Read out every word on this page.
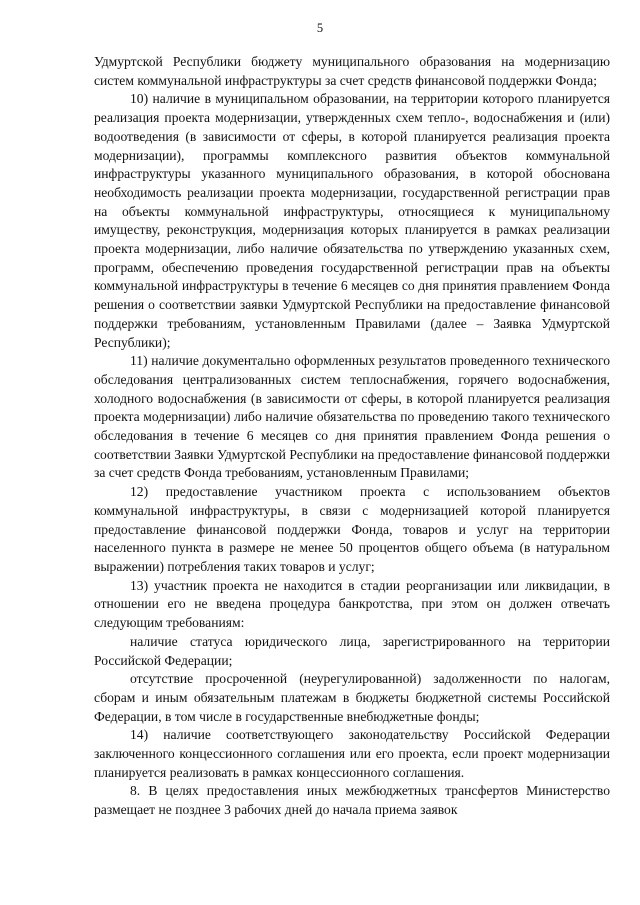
5

Удмуртской Республики бюджету муниципального образования на модернизацию систем коммунальной инфраструктуры за счет средств финансовой поддержки Фонда;

10) наличие в муниципальном образовании, на территории которого планируется реализация проекта модернизации, утвержденных схем тепло-, водоснабжения и (или) водоотведения (в зависимости от сферы, в которой планируется реализация проекта модернизации), программы комплексного развития объектов коммунальной инфраструктуры указанного муниципального образования, в которой обоснована необходимость реализации проекта модернизации, государственной регистрации прав на объекты коммунальной инфраструктуры, относящиеся к муниципальному имуществу, реконструкция, модернизация которых планируется в рамках реализации проекта модернизации, либо наличие обязательства по утверждению указанных схем, программ, обеспечению проведения государственной регистрации прав на объекты коммунальной инфраструктуры в течение 6 месяцев со дня принятия правлением Фонда решения о соответствии заявки Удмуртской Республики на предоставление финансовой поддержки требованиям, установленным Правилами (далее – Заявка Удмуртской Республики);

11) наличие документально оформленных результатов проведенного технического обследования централизованных систем теплоснабжения, горячего водоснабжения, холодного водоснабжения (в зависимости от сферы, в которой планируется реализация проекта модернизации) либо наличие обязательства по проведению такого технического обследования в течение 6 месяцев со дня принятия правлением Фонда решения о соответствии Заявки Удмуртской Республики на предоставление финансовой поддержки за счет средств Фонда требованиям, установленным Правилами;

12) предоставление участником проекта с использованием объектов коммунальной инфраструктуры, в связи с модернизацией которой планируется предоставление финансовой поддержки Фонда, товаров и услуг на территории населенного пункта в размере не менее 50 процентов общего объема (в натуральном выражении) потребления таких товаров и услуг;

13) участник проекта не находится в стадии реорганизации или ликвидации, в отношении его не введена процедура банкротства, при этом он должен отвечать следующим требованиям:

наличие статуса юридического лица, зарегистрированного на территории Российской Федерации;

отсутствие просроченной (неурегулированной) задолженности по налогам, сборам и иным обязательным платежам в бюджеты бюджетной системы Российской Федерации, в том числе в государственные внебюджетные фонды;

14) наличие соответствующего законодательству Российской Федерации заключенного концессионного соглашения или его проекта, если проект модернизации планируется реализовать в рамках концессионного соглашения.

8. В целях предоставления иных межбюджетных трансфертов Министерство размещает не позднее 3 рабочих дней до начала приема заявок
